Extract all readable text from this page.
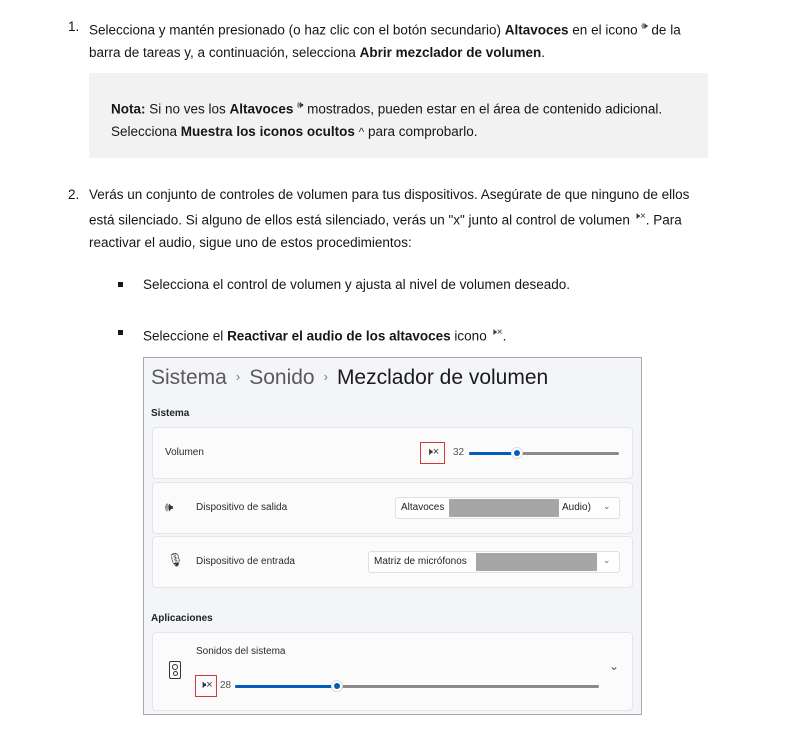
1. Selecciona y mantén presionado (o haz clic con el botón secundario) Altavoces en el icono 🕪 de la barra de tareas y, a continuación, selecciona Abrir mezclador de volumen.
Nota: Si no ves los Altavoces 🕪 mostrados, pueden estar en el área de contenido adicional. Selecciona Muestra los iconos ocultos ^ para comprobarlo.
2. Verás un conjunto de controles de volumen para tus dispositivos. Asegúrate de que ninguno de ellos está silenciado. Si alguno de ellos está silenciado, verás un "x" junto al control de volumen 🕨×. Para reactivar el audio, sigue uno de estos procedimientos:
Selecciona el control de volumen y ajusta al nivel de volumen deseado.
Seleccione el Reactivar el audio de los altavoces icono 🕨×.
Sistema › Sonido › Mezclador de volumen
Sistema
Volumen	🕨×	32
🕪 Dispositivo de salida	Altavoces	Audio) ⌄
🎙︎ Dispositivo de entrada	Matriz de micrófonos	⌄
Aplicaciones
Sonidos del sistema
🕨× 28
⌄
